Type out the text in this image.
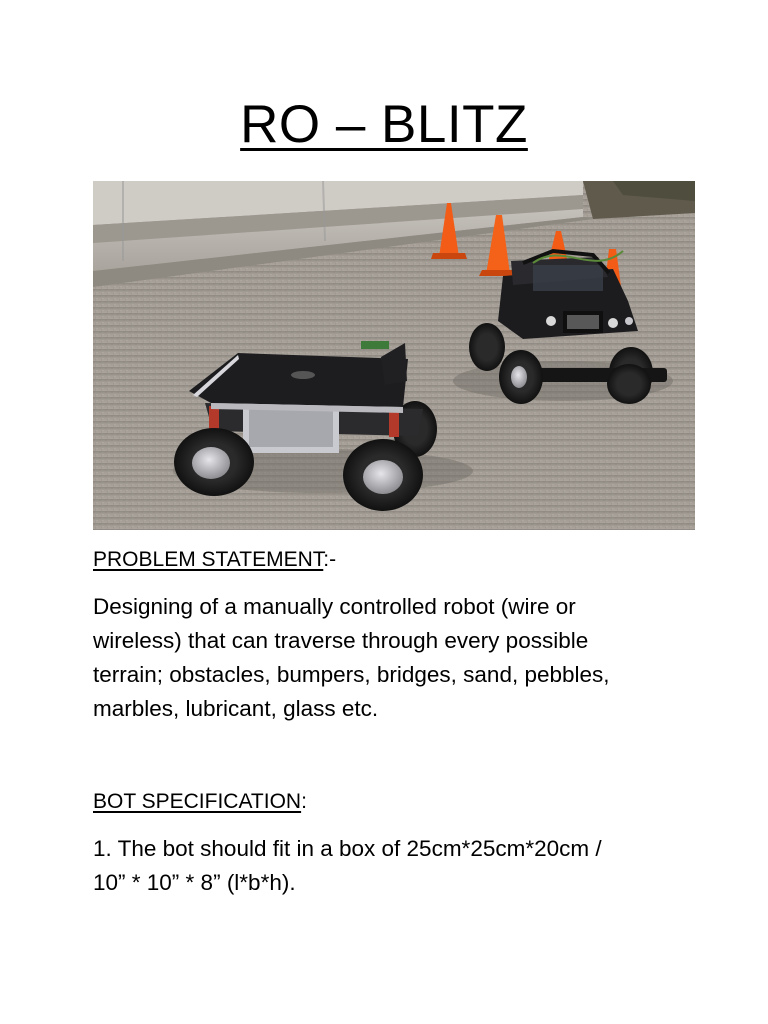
RO – BLITZ
PROBLEM STATEMENT:-
Designing of a manually controlled robot (wire or
wireless) that can traverse through every possible
terrain; obstacles, bumpers, bridges, sand, pebbles,
marbles, lubricant, glass etc.
BOT SPECIFICATION:
1. The bot should fit in a box of 25cm*25cm*20cm /
10” * 10” * 8” (l*b*h).
